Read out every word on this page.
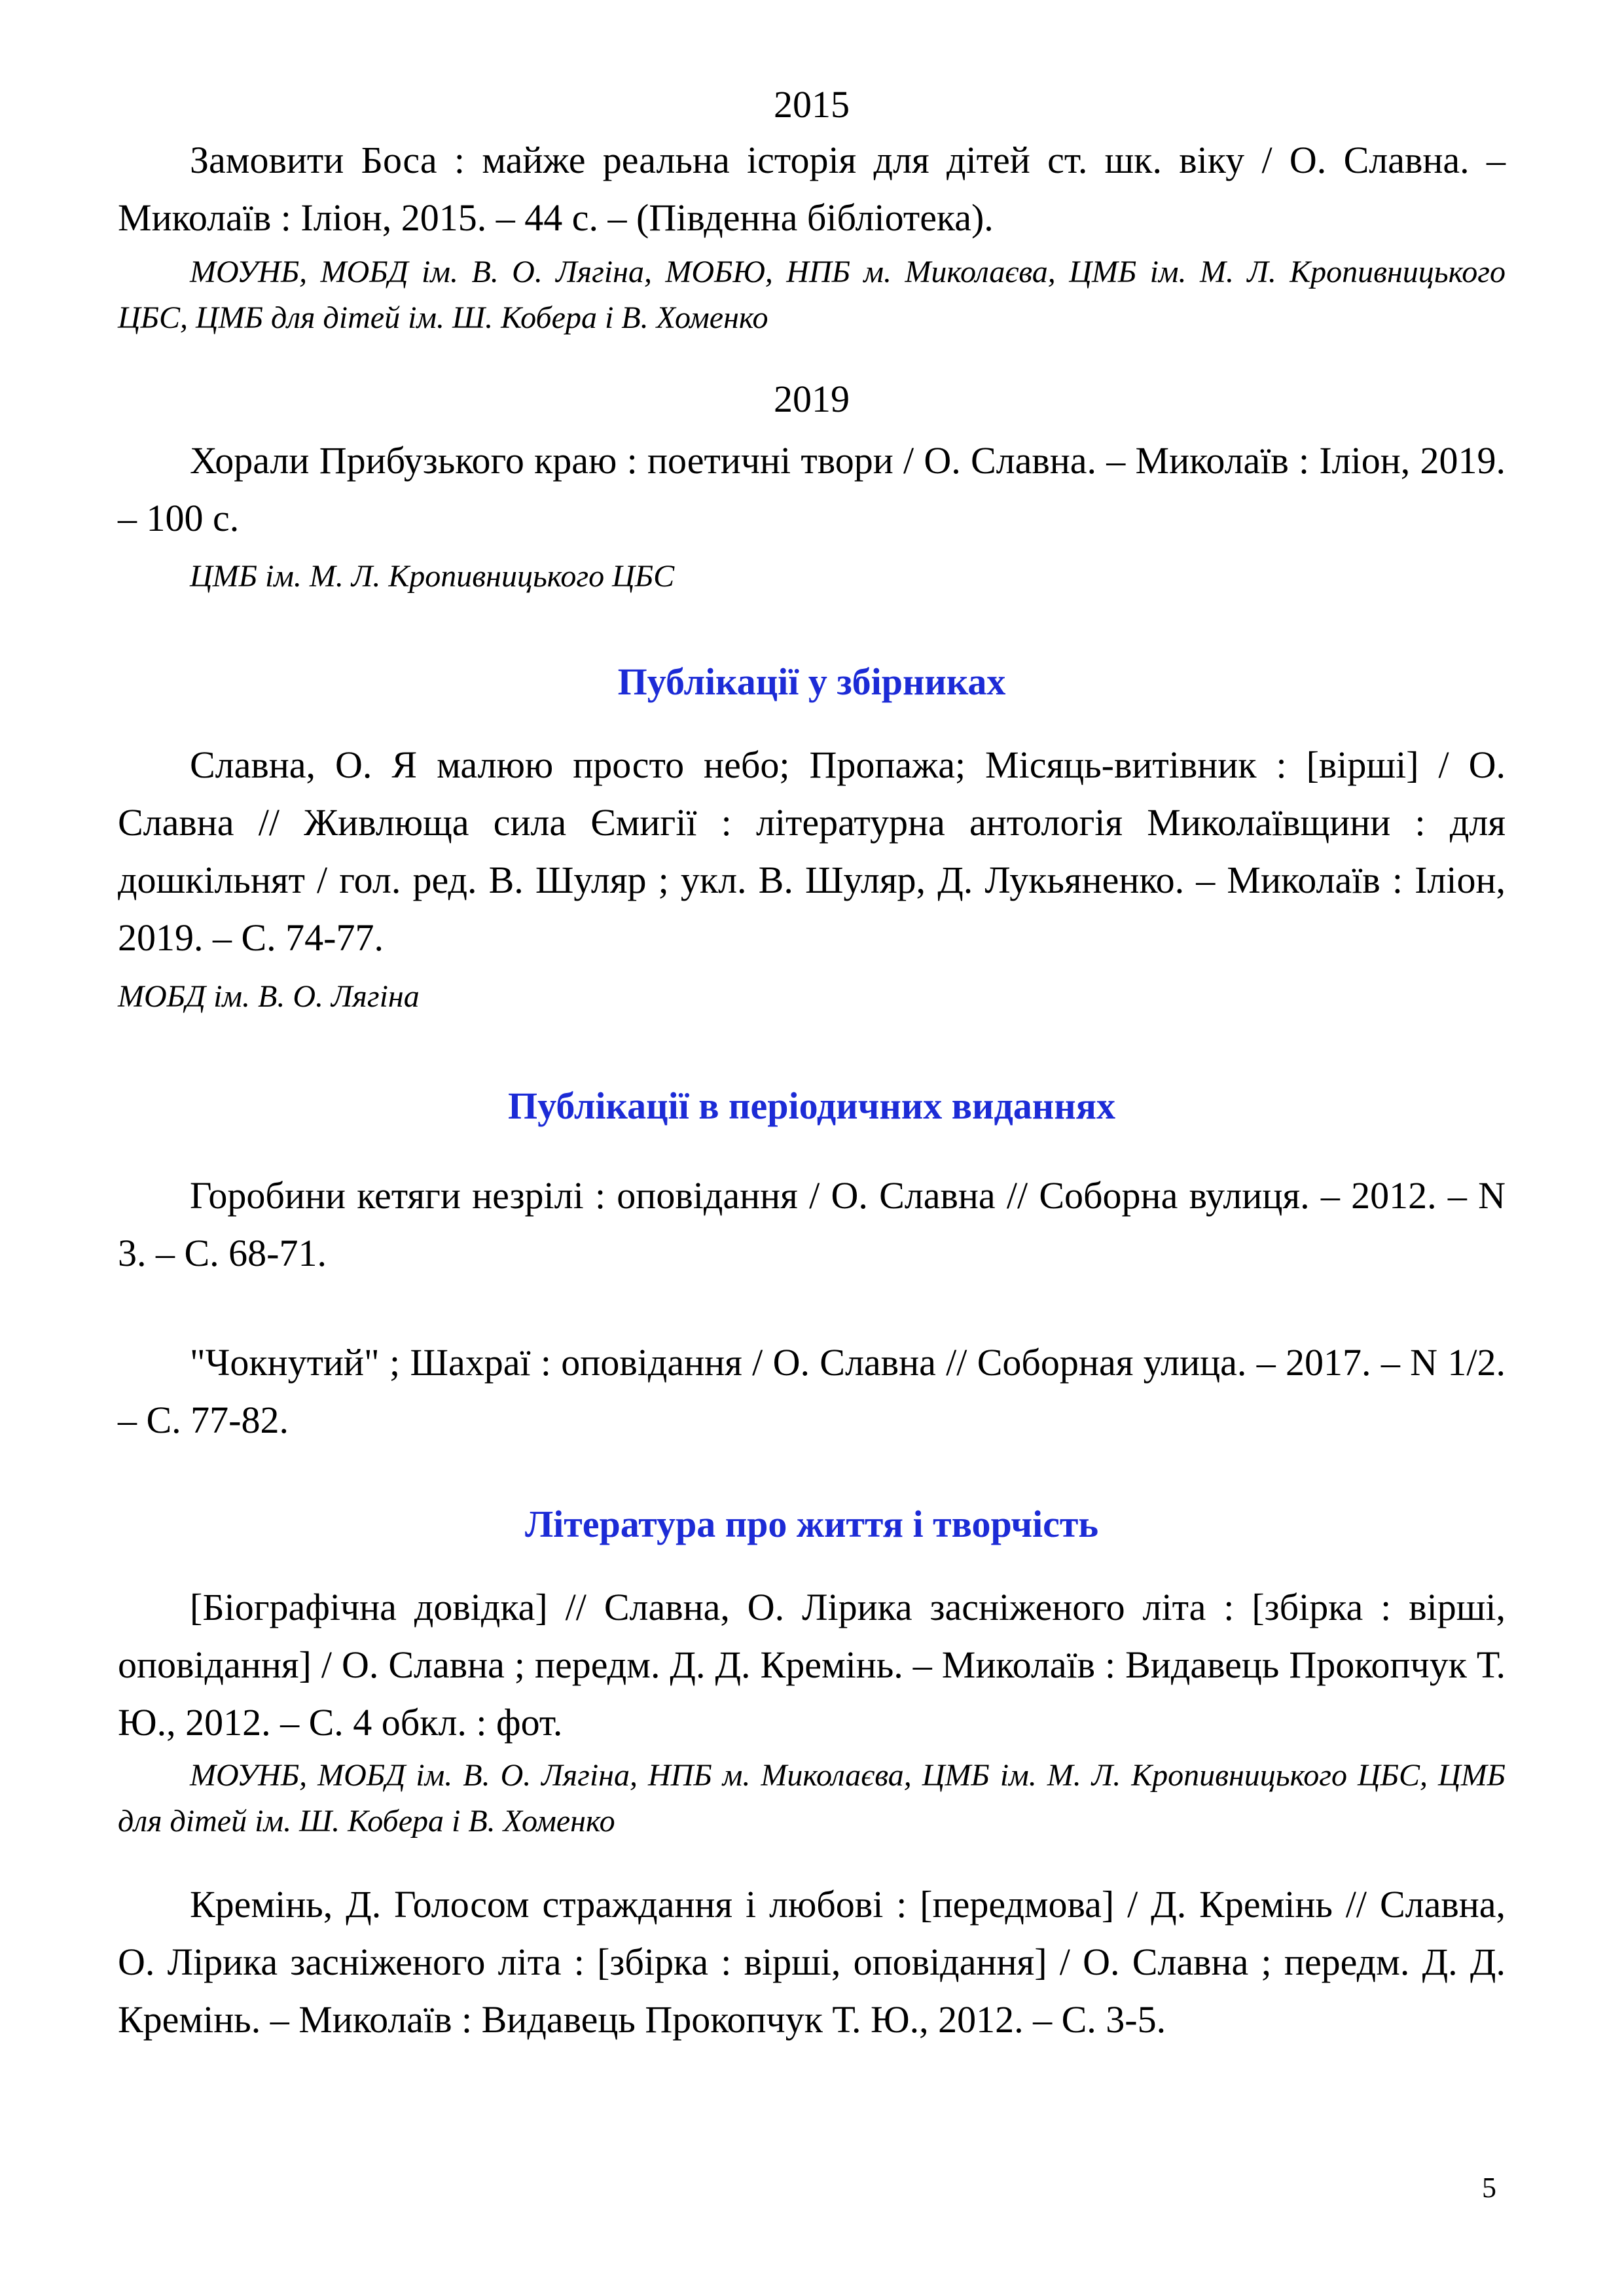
2015

Замовити Боса : майже реальна історія для дітей ст. шк. віку / О. Славна. – Миколаїв : Іліон, 2015. – 44 с. – (Південна бібліотека).

МОУНБ, МОБД ім. В. О. Лягіна, МОБЮ, НПБ м. Миколаєва, ЦМБ ім. М. Л. Кропивницького ЦБС, ЦМБ для дітей ім. Ш. Кобера і В. Хоменко

2019

Хорали Прибузького краю : поетичні твори / О. Славна. – Миколаїв : Іліон, 2019. – 100 с.

ЦМБ ім. М. Л. Кропивницького ЦБС

Публікації у збірниках

Славна, О. Я малюю просто небо; Пропажа; Місяць-витівник : [вірші] / О. Славна // Живлюща сила Ємигії : літературна антологія Миколаївщини : для дошкільнят / гол. ред. В. Шуляр ; укл. В. Шуляр, Д. Лукьяненко. – Миколаїв : Іліон, 2019. – С. 74-77.

МОБД ім. В. О. Лягіна

Публікації в періодичних виданнях

Горобини кетяги незрілі : оповідання / О. Славна // Соборна вулиця. – 2012. – N 3. – С. 68-71.

"Чокнутий" ; Шахраї : оповідання / О. Славна // Соборная улица. – 2017. – N 1/2. – С. 77-82.

Література про життя і творчість

[Біографічна довідка] // Славна, О. Лірика засніженого літа : [збірка : вірші, оповідання] / О. Славна ; передм. Д. Д. Кремінь. – Миколаїв : Видавець Прокопчук Т. Ю., 2012. – С. 4 обкл. : фот.

МОУНБ, МОБД ім. В. О. Лягіна, НПБ м. Миколаєва, ЦМБ ім. М. Л. Кропивницького ЦБС, ЦМБ для дітей ім. Ш. Кобера і В. Хоменко

Кремінь, Д. Голосом страждання і любові : [передмова] / Д. Кремінь // Славна, О. Лірика засніженого літа : [збірка : вірші, оповідання] / О. Славна ; передм. Д. Д. Кремінь. – Миколаїв : Видавець Прокопчук Т. Ю., 2012. – С. 3-5.

5
